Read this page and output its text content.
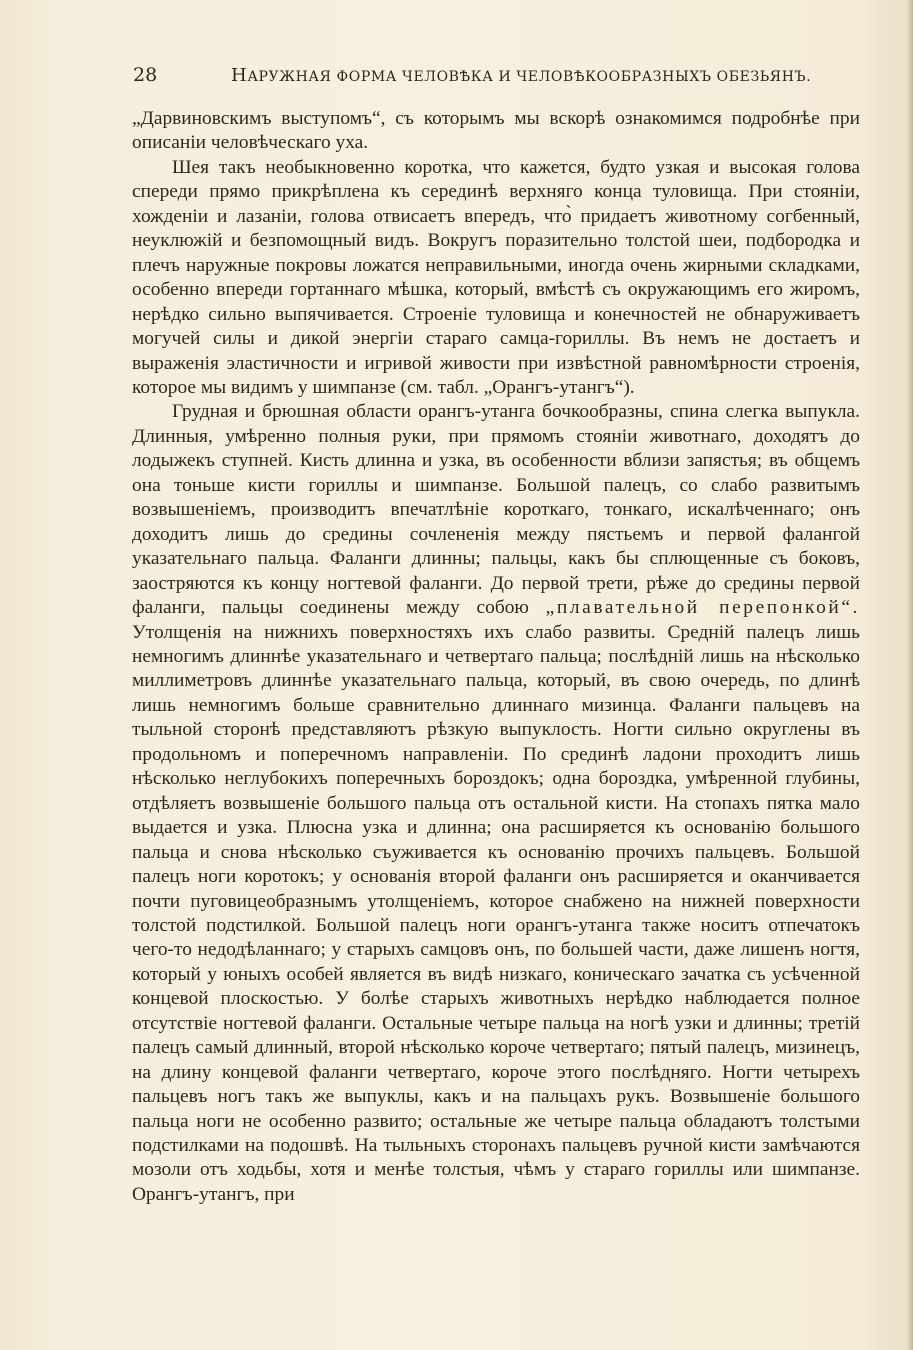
28	НАРУЖНАЯ ФОРМА ЧЕЛОВѢКА И ЧЕЛОВѢКООБРАЗНЫХЪ ОБЕЗЬЯНЪ.

„Дарвиновскимъ выступомъ“, съ которымъ мы вскорѣ ознакомимся подробнѣе при описаніи человѣческаго уха.

Шея такъ необыкновенно коротка, что кажется, будто узкая и высокая голова спереди прямо прикрѣплена къ серединѣ верхняго конца туловища. При стояніи, хожденіи и лазаніи, голова отвисаетъ впередъ, что̀ придаетъ животному согбенный, неуклюжій и безпомощный видъ. Вокругъ поразительно толстой шеи, подбородка и плечъ наружные покровы ложатся неправильными, иногда очень жирными складками, особенно впереди гортаннаго мѣшка, который, вмѣстѣ съ окружающимъ его жиромъ, нерѣдко сильно выпячивается. Строеніе туловища и конечностей не обнаруживаетъ могучей силы и дикой энергіи стараго самца-гориллы. Въ немъ не достаетъ и выраженія эластичности и игривой живости при извѣстной равномѣрности строенія, которое мы видимъ у шимпанзе (см. табл. „Орангъ-утангъ“).

Грудная и брюшная области орангъ-утанга бочкообразны, спина слегка выпукла. Длинныя, умѣренно полныя руки, при прямомъ стояніи животнаго, доходятъ до лодыжекъ ступней. Кисть длинна и узка, въ особенности вблизи запястья; въ общемъ она тоньше кисти гориллы и шимпанзе. Большой палецъ, со слабо развитымъ возвышеніемъ, производитъ впечатлѣніе короткаго, тонкаго, искалѣченнаго; онъ доходитъ лишь до средины сочлененія между пястьемъ и первой фалангой указательнаго пальца. Фаланги длинны; пальцы, какъ бы сплющенные съ боковъ, заостряются къ концу ногтевой фаланги. До первой трети, рѣже до средины первой фаланги, пальцы соединены между собою „плавательной перепонкой“. Утолщенія на нижнихъ поверхностяхъ ихъ слабо развиты. Средній палецъ лишь немногимъ длиннѣе указательнаго и четвертаго пальца; послѣдній лишь на нѣсколько миллиметровъ длиннѣе указательнаго пальца, который, въ свою очередь, по длинѣ лишь немногимъ больше сравнительно длиннаго мизинца. Фаланги пальцевъ на тыльной сторонѣ представляютъ рѣзкую выпуклость. Ногти сильно округлены въ продольномъ и поперечномъ направленіи. По срединѣ ладони проходитъ лишь нѣсколько неглубокихъ поперечныхъ бороздокъ; одна бороздка, умѣренной глубины, отдѣляетъ возвышеніе большого пальца отъ остальной кисти. На стопахъ пятка мало выдается и узка. Плюсна узка и длинна; она расширяется къ основанію большого пальца и снова нѣсколько съуживается къ основанію прочихъ пальцевъ. Большой палецъ ноги коротокъ; у основанія второй фаланги онъ расширяется и оканчивается почти пуговицеобразнымъ утолщеніемъ, которое снабжено на нижней поверхности толстой подстилкой. Большой палецъ ноги орангъ-утанга также носитъ отпечатокъ чего-то недодѣланнаго; у старыхъ самцовъ онъ, по большей части, даже лишенъ ногтя, который у юныхъ особей является въ видѣ низкаго, коническаго зачатка съ усѣченной концевой плоскостью. У болѣе старыхъ животныхъ нерѣдко наблюдается полное отсутствіе ногтевой фаланги. Остальные четыре пальца на ногѣ узки и длинны; третій палецъ самый длинный, второй нѣсколько короче четвертаго; пятый палецъ, мизинецъ, на длину концевой фаланги четвертаго, короче этого послѣдняго. Ногти четырехъ пальцевъ ногъ такъ же выпуклы, какъ и на пальцахъ рукъ. Возвышеніе большого пальца ноги не особенно развито; остальные же четыре пальца обладаютъ толстыми подстилками на подошвѣ. На тыльныхъ сторонахъ пальцевъ ручной кисти замѣчаются мозоли отъ ходьбы, хотя и менѣе толстыя, чѣмъ у стараго гориллы или шимпанзе. Орангъ-утангъ, при
